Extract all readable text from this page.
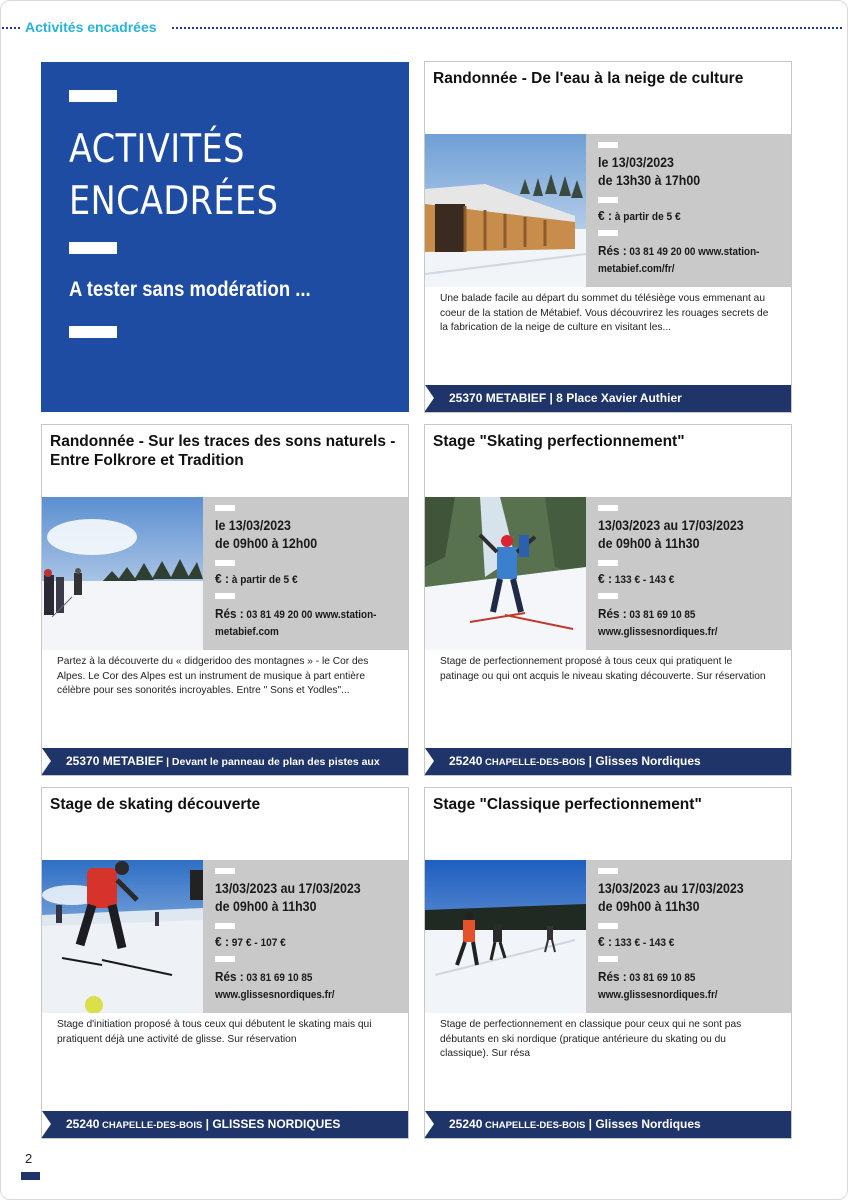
Activités encadrées
ACTIVITÉS
ENCADRÉES
A tester sans modération ...
Randonnée - De l'eau à la neige de culture
le 13/03/2023
de 13h30 à 17h00
€ : à partir de 5 €
Rés : 03 81 49 20 00 www.station-
metabief.com/fr/
Une balade facile au départ du sommet du télésiège vous emmenant au coeur de la station de Métabief. Vous découvrirez les rouages secrets de la fabrication de la neige de culture en visitant les...
25370 METABIEF | 8 Place Xavier Authier
Randonnée - Sur les traces des sons naturels - Entre Folkrore et Tradition
le 13/03/2023
de 09h00 à 12h00
€ : à partir de 5 €
Rés : 03 81 49 20 00 www.station-
metabief.com
Partez à la découverte du « didgeridoo des montagnes » - le Cor des Alpes. Le Cor des Alpes est un instrument de musique à part entière célèbre pour ses sonorités incroyables. Entre " Sons et Yodles"...
25370 METABIEF | Devant le panneau de plan des pistes aux
Stage "Skating perfectionnement"
13/03/2023 au 17/03/2023
de 09h00 à 11h30
€ : 133 € - 143 €
Rés : 03 81 69 10 85
www.glissesnordiques.fr/
Stage de perfectionnement proposé à tous ceux qui pratiquent le patinage ou qui ont acquis le niveau skating découverte. Sur réservation
25240 CHAPELLE-DES-BOIS | Glisses Nordiques
Stage de skating découverte
13/03/2023 au 17/03/2023
de 09h00 à 11h30
€ : 97 € - 107 €
Rés : 03 81 69 10 85
www.glissesnordiques.fr/
Stage d'initiation proposé à tous ceux qui débutent le skating mais qui pratiquent déjà une activité de glisse. Sur réservation
25240 CHAPELLE-DES-BOIS | GLISSES NORDIQUES
Stage "Classique perfectionnement"
13/03/2023 au 17/03/2023
de 09h00 à 11h30
€ : 133 € - 143 €
Rés : 03 81 69 10 85
www.glissesnordiques.fr/
Stage de perfectionnement en classique pour ceux qui ne sont pas débutants en ski nordique (pratique antérieure du skating ou du classique). Sur résa
25240 CHAPELLE-DES-BOIS | Glisses Nordiques
2
